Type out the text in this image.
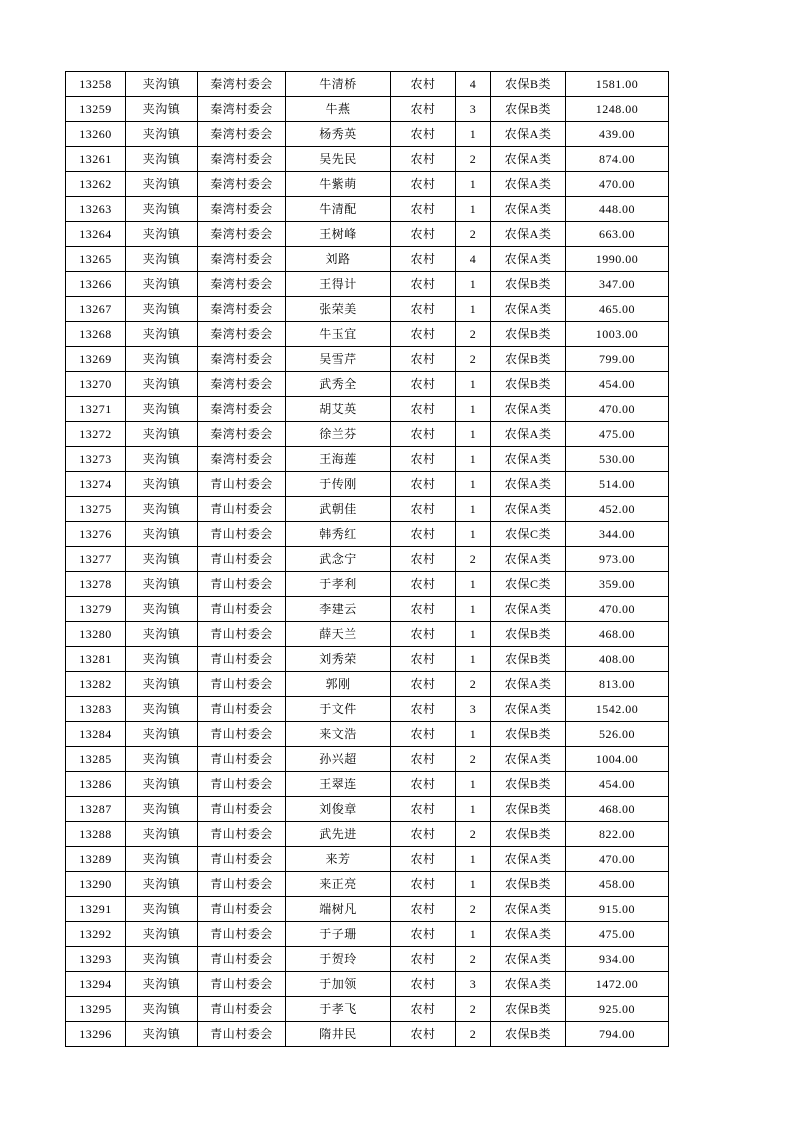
13258	夹沟镇	秦湾村委会	牛清桥	农村	4	农保B类	1581.00
13259	夹沟镇	秦湾村委会	牛燕	农村	3	农保B类	1248.00
13260	夹沟镇	秦湾村委会	杨秀英	农村	1	农保A类	439.00
13261	夹沟镇	秦湾村委会	吴先民	农村	2	农保A类	874.00
13262	夹沟镇	秦湾村委会	牛紫萌	农村	1	农保A类	470.00
13263	夹沟镇	秦湾村委会	牛清配	农村	1	农保A类	448.00
13264	夹沟镇	秦湾村委会	王树峰	农村	2	农保A类	663.00
13265	夹沟镇	秦湾村委会	刘路	农村	4	农保A类	1990.00
13266	夹沟镇	秦湾村委会	王得计	农村	1	农保B类	347.00
13267	夹沟镇	秦湾村委会	张荣美	农村	1	农保A类	465.00
13268	夹沟镇	秦湾村委会	牛玉宜	农村	2	农保B类	1003.00
13269	夹沟镇	秦湾村委会	吴雪芹	农村	2	农保B类	799.00
13270	夹沟镇	秦湾村委会	武秀全	农村	1	农保B类	454.00
13271	夹沟镇	秦湾村委会	胡艾英	农村	1	农保A类	470.00
13272	夹沟镇	秦湾村委会	徐兰芬	农村	1	农保A类	475.00
13273	夹沟镇	秦湾村委会	王海莲	农村	1	农保A类	530.00
13274	夹沟镇	青山村委会	于传刚	农村	1	农保A类	514.00
13275	夹沟镇	青山村委会	武朝佳	农村	1	农保A类	452.00
13276	夹沟镇	青山村委会	韩秀红	农村	1	农保C类	344.00
13277	夹沟镇	青山村委会	武念宁	农村	2	农保A类	973.00
13278	夹沟镇	青山村委会	于孝利	农村	1	农保C类	359.00
13279	夹沟镇	青山村委会	李建云	农村	1	农保A类	470.00
13280	夹沟镇	青山村委会	薛天兰	农村	1	农保B类	468.00
13281	夹沟镇	青山村委会	刘秀荣	农村	1	农保B类	408.00
13282	夹沟镇	青山村委会	郭刚	农村	2	农保A类	813.00
13283	夹沟镇	青山村委会	于文件	农村	3	农保A类	1542.00
13284	夹沟镇	青山村委会	来文浩	农村	1	农保B类	526.00
13285	夹沟镇	青山村委会	孙兴超	农村	2	农保A类	1004.00
13286	夹沟镇	青山村委会	王翠连	农村	1	农保B类	454.00
13287	夹沟镇	青山村委会	刘俊章	农村	1	农保B类	468.00
13288	夹沟镇	青山村委会	武先进	农村	2	农保B类	822.00
13289	夹沟镇	青山村委会	来芳	农村	1	农保A类	470.00
13290	夹沟镇	青山村委会	来正亮	农村	1	农保B类	458.00
13291	夹沟镇	青山村委会	端树凡	农村	2	农保A类	915.00
13292	夹沟镇	青山村委会	于子珊	农村	1	农保A类	475.00
13293	夹沟镇	青山村委会	于贺玲	农村	2	农保A类	934.00
13294	夹沟镇	青山村委会	于加领	农村	3	农保A类	1472.00
13295	夹沟镇	青山村委会	于孝飞	农村	2	农保B类	925.00
13296	夹沟镇	青山村委会	隋井民	农村	2	农保B类	794.00
